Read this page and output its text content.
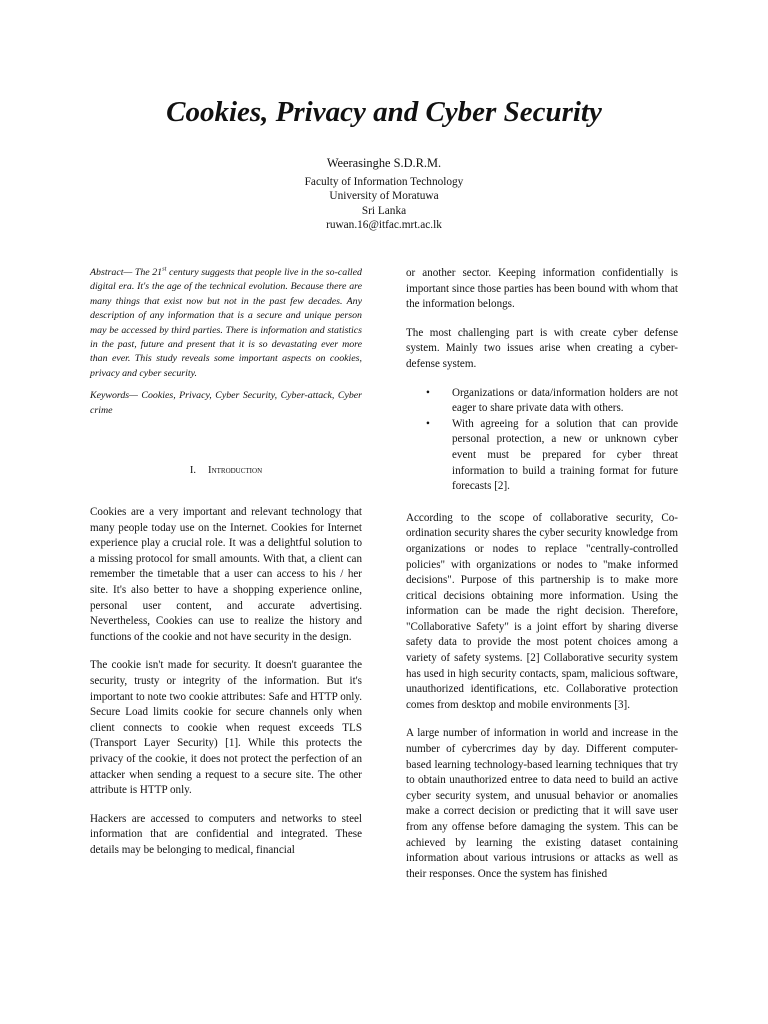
Cookies, Privacy and Cyber Security
Weerasinghe S.D.R.M.
Faculty of Information Technology
University of Moratuwa
Sri Lanka
ruwan.16@itfac.mrt.ac.lk

Abstract— The 21st century suggests that people live in the so-called digital era. It's the age of the technical evolution. Because there are many things that exist now but not in the past few decades. Any description of any information that is a secure and unique person may be accessed by third parties. There is information and statistics in the past, future and present that it is so devastating ever more than ever. This study reveals some important aspects on cookies, privacy and cyber security.

Keywords— Cookies, Privacy, Cyber Security, Cyber-attack, Cyber crime

I. Introduction

Cookies are a very important and relevant technology that many people today use on the Internet. Cookies for Internet experience play a crucial role. It was a delightful solution to a missing protocol for small amounts. With that, a client can remember the timetable that a user can access to his / her site. It's also better to have a shopping experience online, personal user content, and accurate advertising. Nevertheless, Cookies can use to realize the history and functions of the cookie and not have security in the design.

The cookie isn't made for security. It doesn't guarantee the security, trusty or integrity of the information. But it's important to note two cookie attributes: Safe and HTTP only. Secure Load limits cookie for secure channels only when client connects to cookie when request exceeds TLS (Transport Layer Security) [1]. While this protects the privacy of the cookie, it does not protect the perfection of an attacker when sending a request to a secure site. The other attribute is HTTP only.

Hackers are accessed to computers and networks to steel information that are confidential and integrated. These details may be belonging to medical, financial

or another sector. Keeping information confidentially is important since those parties has been bound with whom that the information belongs.

The most challenging part is with create cyber defense system. Mainly two issues arise when creating a cyber-defense system.

• Organizations or data/information holders are not eager to share private data with others.
• With agreeing for a solution that can provide personal protection, a new or unknown cyber event must be prepared for cyber threat information to build a training format for future forecasts [2].

According to the scope of collaborative security, Co-ordination security shares the cyber security knowledge from organizations or nodes to replace "centrally-controlled policies" with organizations or nodes to "make informed decisions". Purpose of this partnership is to make more critical decisions obtaining more information. Using the information can be made the right decision. Therefore, "Collaborative Safety" is a joint effort by sharing diverse safety data to provide the most potent choices among a variety of safety systems. [2] Collaborative security system has used in high security contacts, spam, malicious software, unauthorized identifications, etc. Collaborative protection comes from desktop and mobile environments [3].

A large number of information in world and increase in the number of cybercrimes day by day. Different computer-based learning technology-based learning techniques that try to obtain unauthorized entree to data need to build an active cyber security system, and unusual behavior or anomalies make a correct decision or predicting that it will save user from any offense before damaging the system. This can be achieved by learning the existing dataset containing information about various intrusions or attacks as well as their responses. Once the system has finished
